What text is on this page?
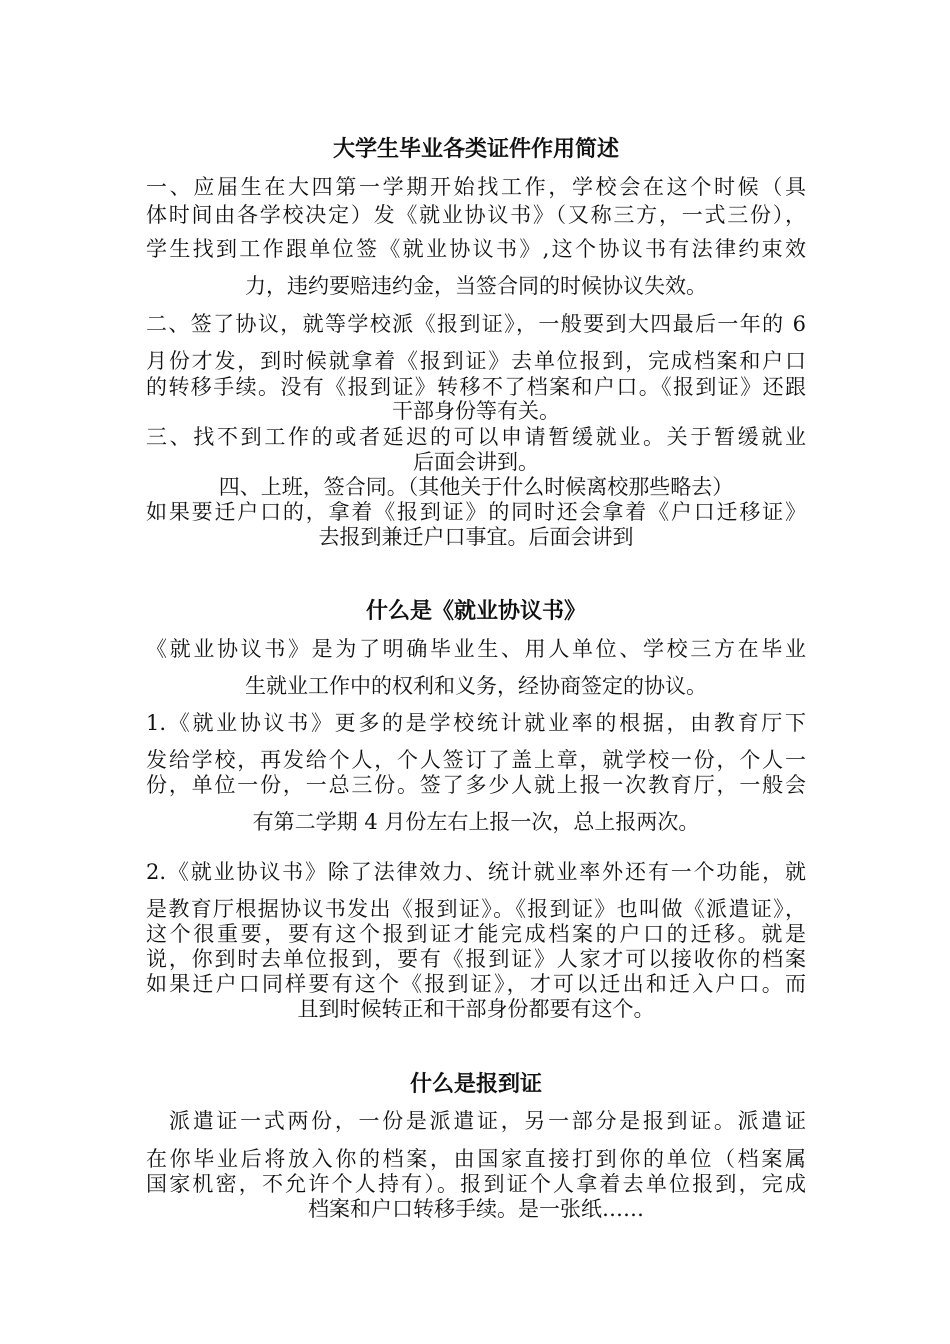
大学生毕业各类证件作用简述
一、应届生在大四第一学期开始找工作，学校会在这个时候（具
体时间由各学校决定）发《就业协议书》（又称三方，一式三份），
学生找到工作跟单位签《就业协议书》,这个协议书有法律约束效
力，违约要赔违约金，当签合同的时候协议失效。
二、签了协议，就等学校派《报到证》，一般要到大四最后一年的 6
月份才发，到时候就拿着《报到证》去单位报到，完成档案和户口
的转移手续。没有《报到证》转移不了档案和户口。《报到证》还跟
干部身份等有关。
三、找不到工作的或者延迟的可以申请暂缓就业。关于暂缓就业
后面会讲到。
四、上班，签合同。（其他关于什么时候离校那些略去）
如果要迁户口的，拿着《报到证》的同时还会拿着《户口迁移证》
去报到兼迁户口事宜。后面会讲到
什么是《就业协议书》
《就业协议书》是为了明确毕业生、用人单位、学校三方在毕业
生就业工作中的权利和义务，经协商签定的协议。
1.《就业协议书》更多的是学校统计就业率的根据，由教育厅下
发给学校，再发给个人，个人签订了盖上章，就学校一份，个人一
份，单位一份，一总三份。签了多少人就上报一次教育厅，一般会
有第二学期 4 月份左右上报一次，总上报两次。
2.《就业协议书》除了法律效力、统计就业率外还有一个功能，就
是教育厅根据协议书发出《报到证》。《报到证》也叫做《派遣证》，
这个很重要，要有这个报到证才能完成档案的户口的迁移。就是
说，你到时去单位报到，要有《报到证》人家才可以接收你的档案
如果迁户口同样要有这个《报到证》，才可以迁出和迁入户口。而
且到时候转正和干部身份都要有这个。
什么是报到证
派遣证一式两份，一份是派遣证，另一部分是报到证。派遣证
在你毕业后将放入你的档案，由国家直接打到你的单位（档案属
国家机密，不允许个人持有）。报到证个人拿着去单位报到，完成
档案和户口转移手续。是一张纸……
